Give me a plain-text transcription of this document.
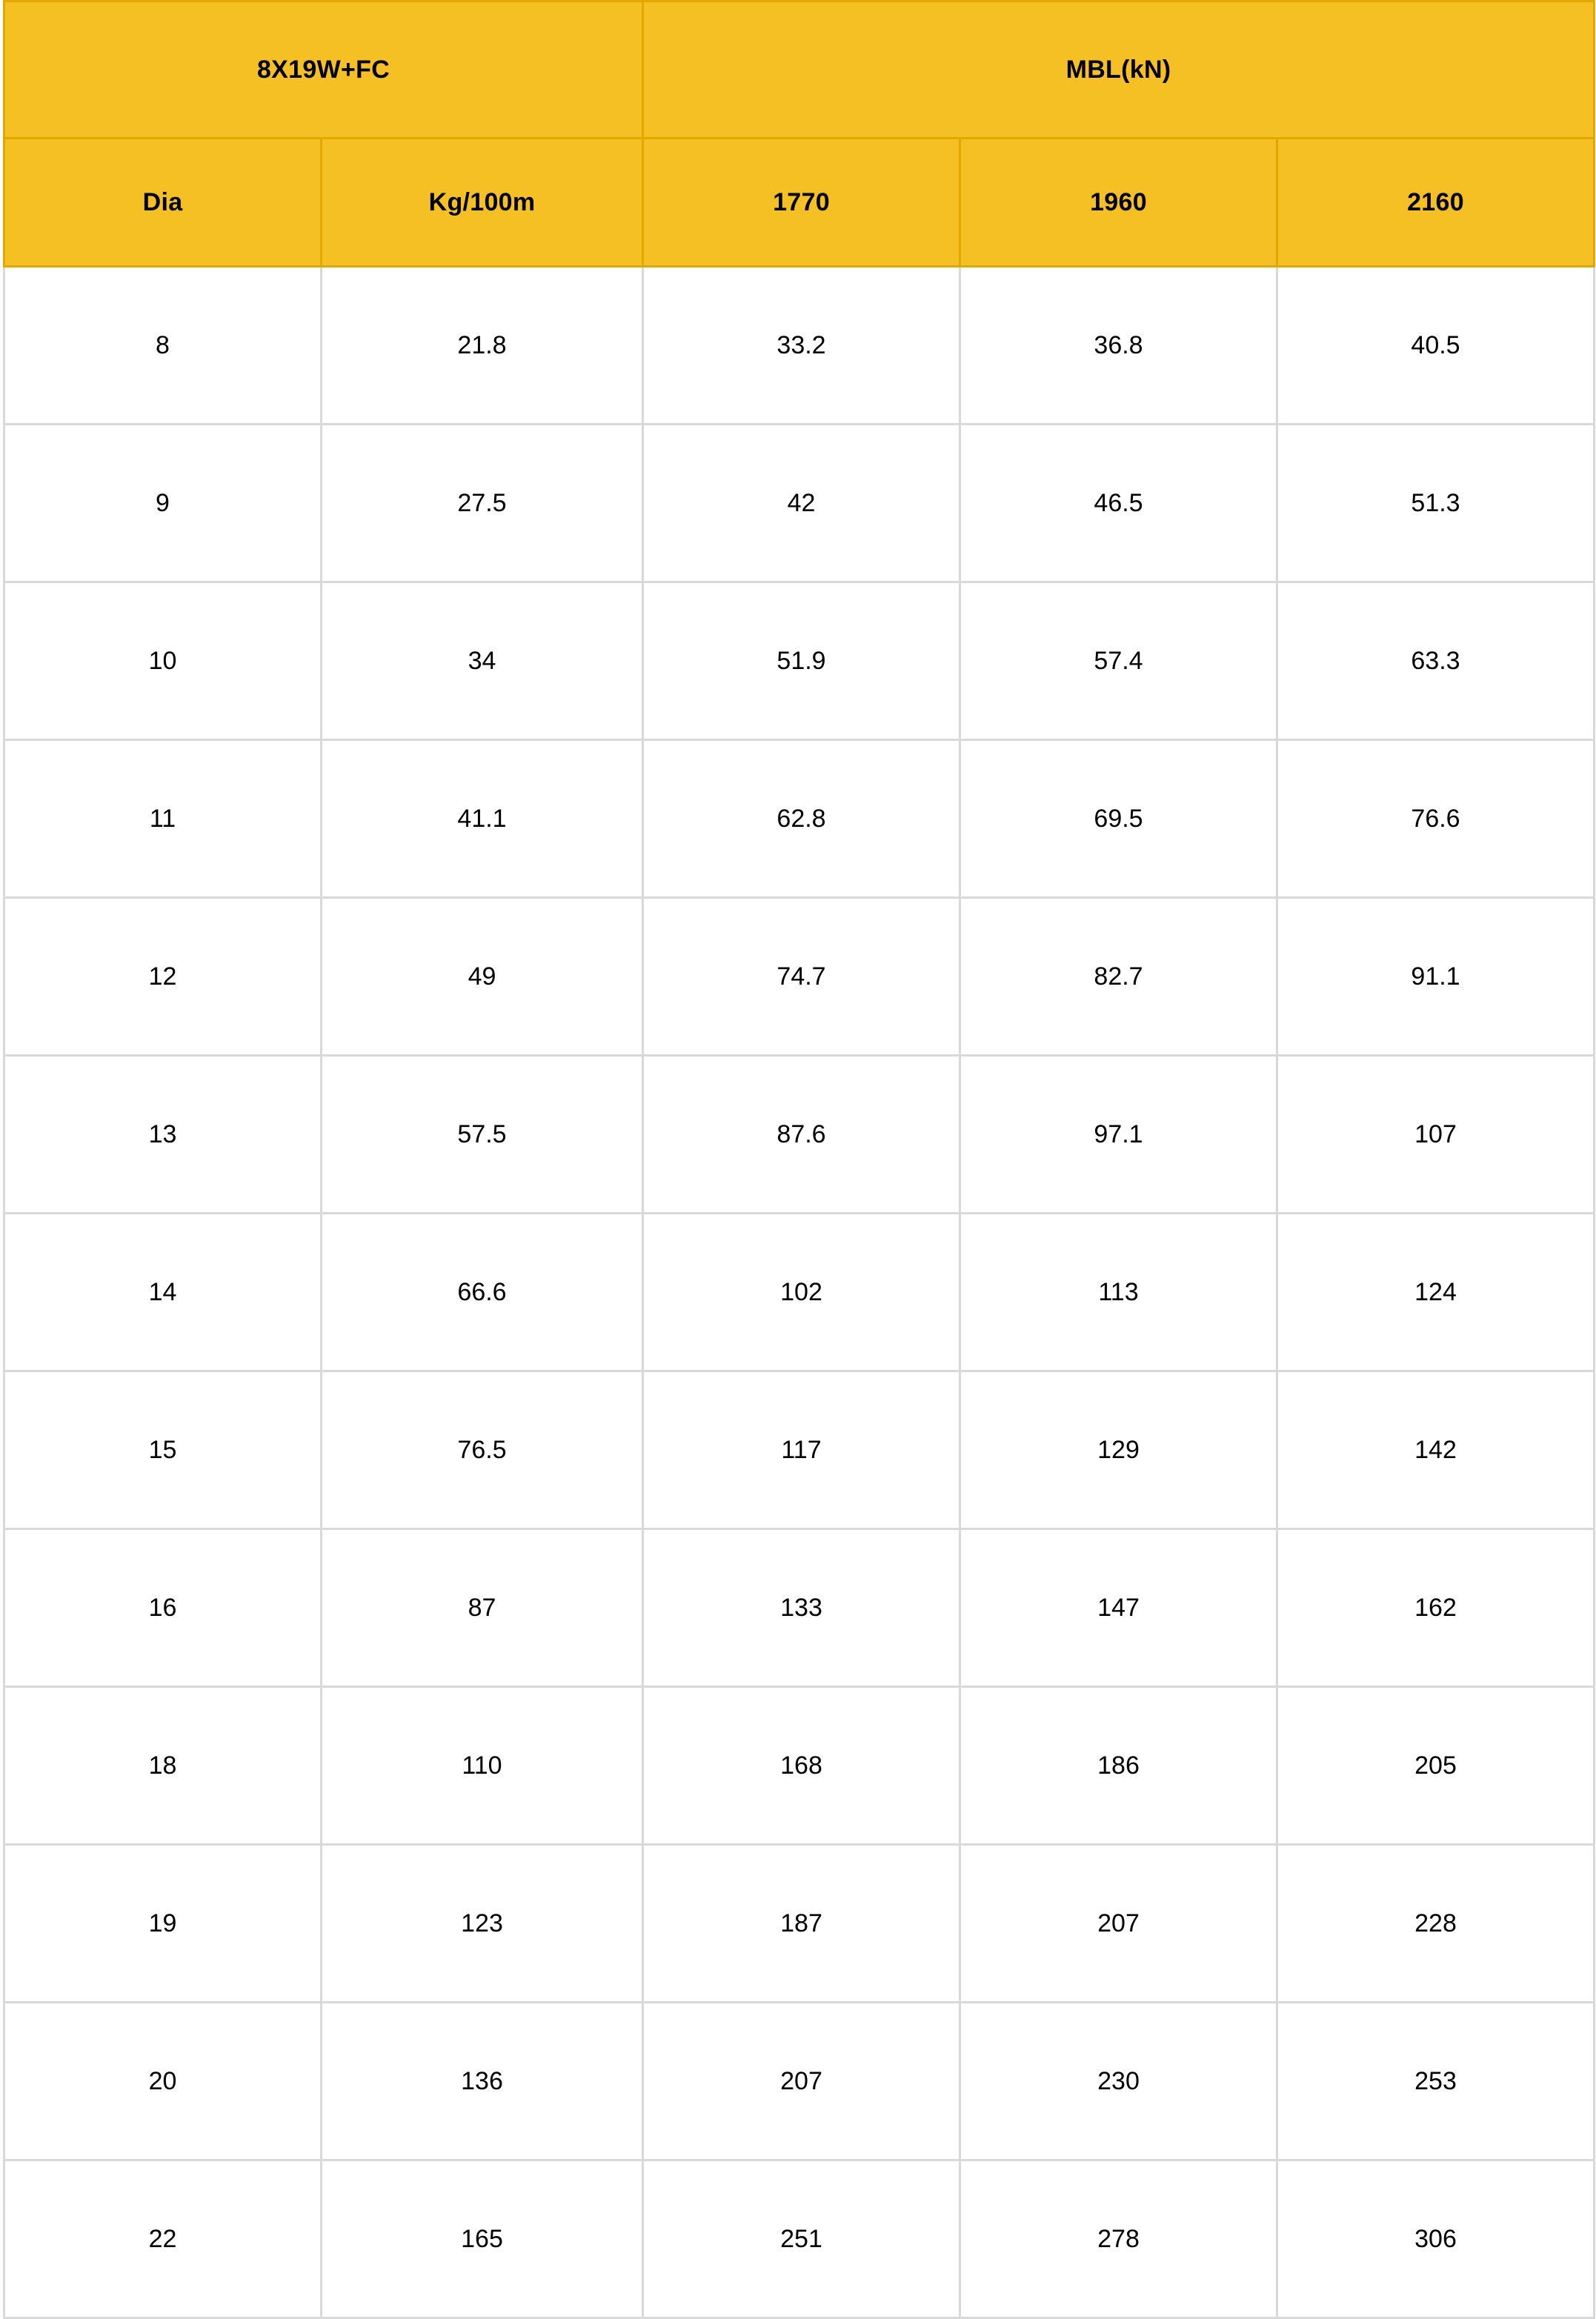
8X19W+FC		MBL(kN)		
Dia	Kg/100m	1770	1960	2160
8	21.8	33.2	36.8	40.5
9	27.5	42	46.5	51.3
10	34	51.9	57.4	63.3
11	41.1	62.8	69.5	76.6
12	49	74.7	82.7	91.1
13	57.5	87.6	97.1	107
14	66.6	102	113	124
15	76.5	117	129	142
16	87	133	147	162
18	110	168	186	205
19	123	187	207	228
20	136	207	230	253
22	165	251	278	306
